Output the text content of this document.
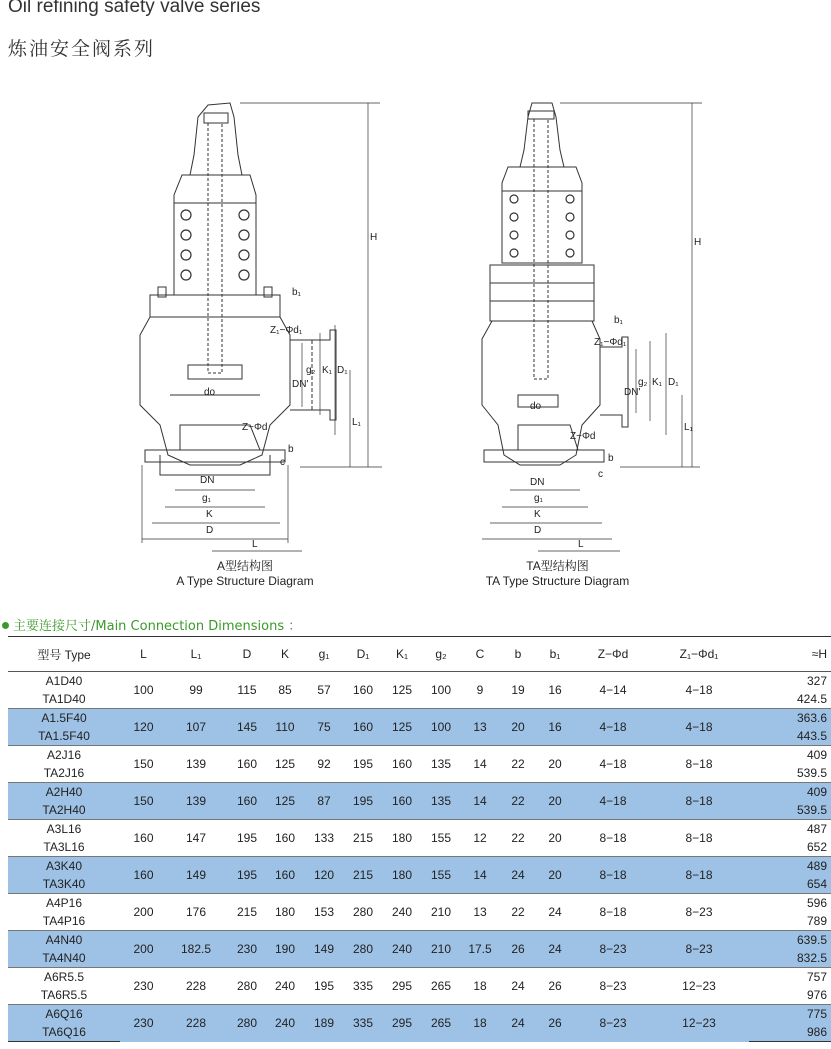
Oil refining safety valve series
炼油安全阀系列
H
L₁
D₁
K₁
g₂
DN'
do
Z−Φd
Z₁−Φd₁
b₁
b
c
DN
g₁
K
D
L
H
L₁
D₁
K₁
g₂
DN'
do
Z−Φd
Z₁−Φd₁
b₁
b
c
DN
g₁
K
D
L
A型结构图
A Type Structure Diagram
TA型结构图
TA Type Structure Diagram
主要连接尺寸/Main Connection Dimensions ：
型号 Type	L	L₁	D	K	g₁	D₁	K₁	g₂	C	b	b₁	Z−Φd	Z₁−Φd₁	≈H
A1D40	100	99	115	85	57	160	125	100	9	19	16	4−14	4−18	327
TA1D40														424.5
A1.5F40	120	107	145	110	75	160	125	100	13	20	16	4−18	4−18	363.6
TA1.5F40														443.5
A2J16	150	139	160	125	92	195	160	135	14	22	20	4−18	8−18	409
TA2J16														539.5
A2H40	150	139	160	125	87	195	160	135	14	22	20	4−18	8−18	409
TA2H40														539.5
A3L16	160	147	195	160	133	215	180	155	12	22	20	8−18	8−18	487
TA3L16														652
A3K40	160	149	195	160	120	215	180	155	14	24	20	8−18	8−18	489
TA3K40														654
A4P16	200	176	215	180	153	280	240	210	13	22	24	8−18	8−23	596
TA4P16														789
A4N40	200	182.5	230	190	149	280	240	210	17.5	26	24	8−23	8−23	639.5
TA4N40														832.5
A6R5.5	230	228	280	240	195	335	295	265	18	24	26	8−23	12−23	757
TA6R5.5														976
A6Q16	230	228	280	240	189	335	295	265	18	24	26	8−23	12−23	775
TA6Q16														986
